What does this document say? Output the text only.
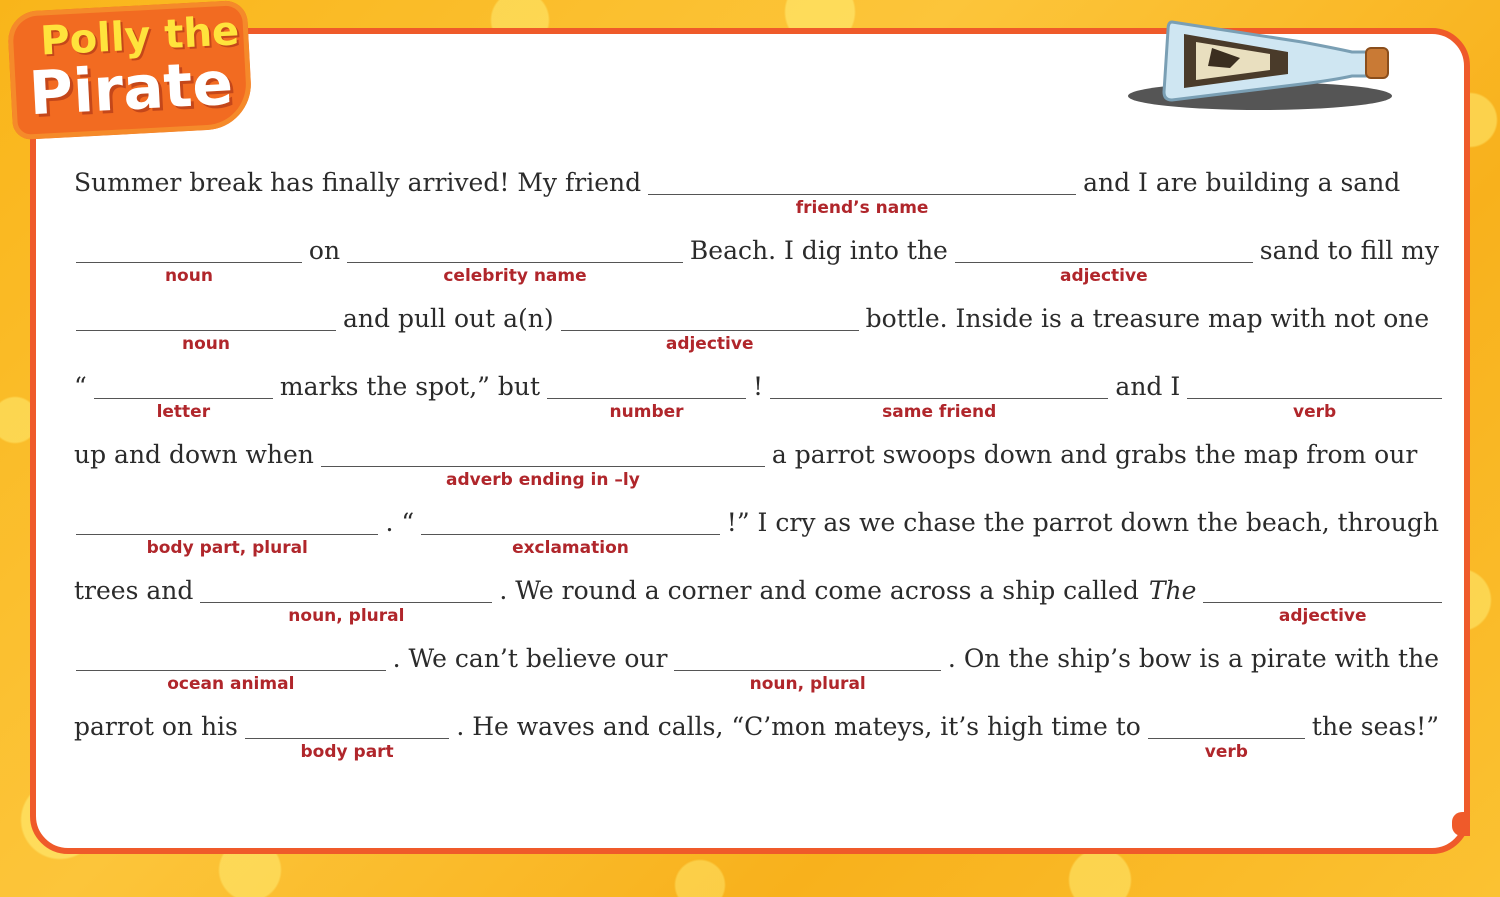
Polly the

Pirate

Summer break has finally arrived! My friend
friend’s name
and I are building a sand
noun
on
celebrity name
Beach. I dig into the
adjective
sand to fill my
noun
and pull out a(n)
adjective
bottle. Inside is a treasure map with not one
“
letter
marks the spot,” but
number
!
same friend
and I
verb
up and down when
adverb ending in –ly
a parrot swoops down and grabs the map from our
body part, plural
. “
exclamation
!” I cry as we chase the parrot down the beach, through
trees and
noun, plural
. We round a corner and come across a ship called The
adjective
ocean animal
. We can’t believe our
noun, plural
. On the ship’s bow is a pirate with the
parrot on his
body part
. He waves and calls, “C’mon mateys, it’s high time to
verb
the seas!”
